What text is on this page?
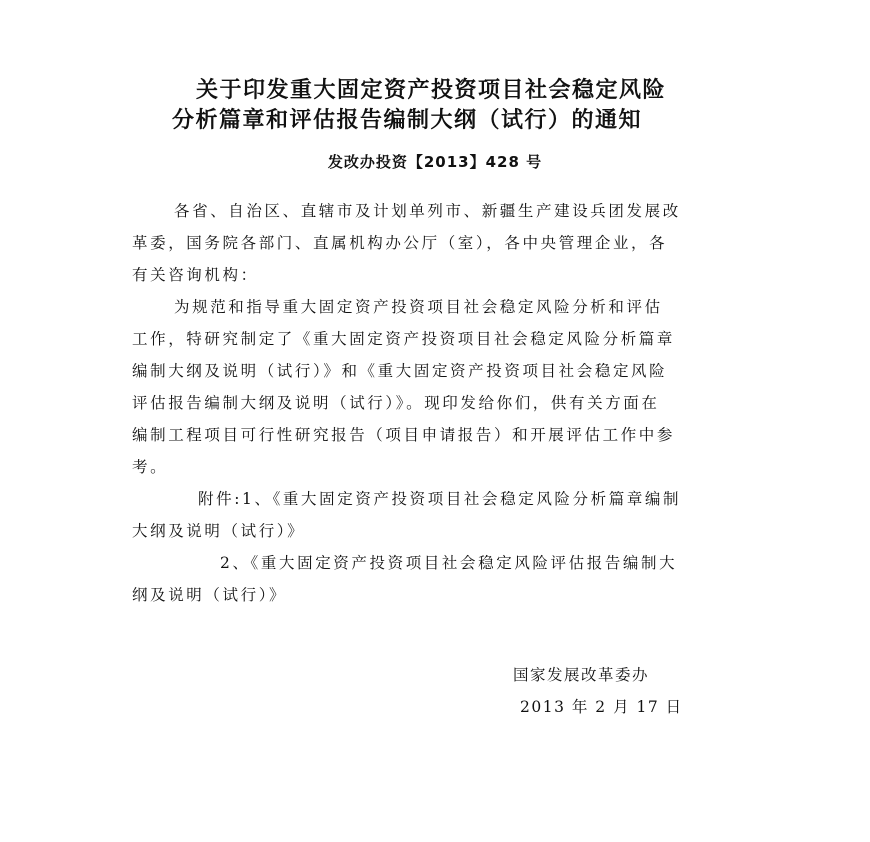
关于印发重大固定资产投资项目社会稳定风险
分析篇章和评估报告编制大纲（试行）的通知
发改办投资【2013】428 号
各省、自治区、直辖市及计划单列市、新疆生产建设兵团发展改
革委，国务院各部门、直属机构办公厅（室），各中央管理企业，各
有关咨询机构：
为规范和指导重大固定资产投资项目社会稳定风险分析和评估
工作，特研究制定了《重大固定资产投资项目社会稳定风险分析篇章
编制大纲及说明（试行）》和《重大固定资产投资项目社会稳定风险
评估报告编制大纲及说明（试行）》。现印发给你们，供有关方面在
编制工程项目可行性研究报告（项目申请报告）和开展评估工作中参
考。
附件:1、《重大固定资产投资项目社会稳定风险分析篇章编制
大纲及说明（试行）》
2、《重大固定资产投资项目社会稳定风险评估报告编制大
纲及说明（试行）》
国家发展改革委办
2013 年 2 月 17 日
